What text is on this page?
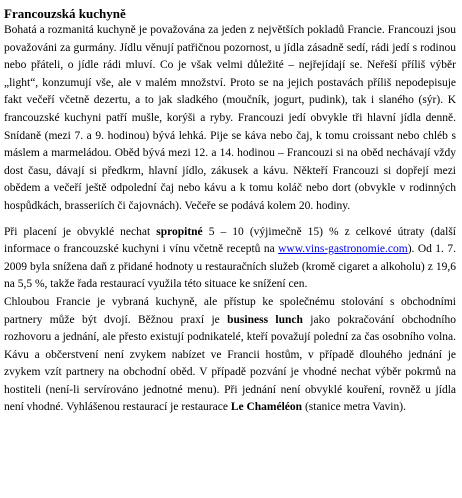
Francouzská kuchyně

Bohatá a rozmanitá kuchyně je považována za jeden z největších pokladů Francie. Francouzi jsou považováni za gurmány. Jídlu věnují patřičnou pozornost, u jídla zásadně sedí, rádi jedí s rodinou nebo přáteli, o jídle rádi mluví. Co je však velmi důležité – nejřejídají se. Neřeší příliš výběr „light“, konzumují vše, ale v malém množství. Proto se na jejich postavách příliš nepodepisuje fakt večeří včetně dezertu, a to jak sladkého (moučník, jogurt, pudink), tak i slaného (sýr). K francouzské kuchyni patří mušle, korýši a ryby. Francouzi jedí obvykle tři hlavní jídla denně. Snídaně (mezi 7. a 9. hodinou) bývá lehká. Pije se káva nebo čaj, k tomu croissant nebo chléb s máslem a marmeládou. Oběd bývá mezi 12. a 14. hodinou – Francouzi si na oběd nechávají vždy dost času, dávají si předkrm, hlavní jídlo, zákusek a kávu. Někteří Francouzi si dopřejí mezi obědem a večeří ještě odpolední čaj nebo kávu a k tomu koláč nebo dort (obvykle v rodinných hospůdkách, brasseriích či čajovnách). Večeře se podává kolem 20. hodiny.

Při placení je obvyklé nechat spropitné 5 – 10 (výjimečně 15) % z celkové útraty (další informace o francouzské kuchyni i vínu včetně receptů na www.vins-gastronomie.com). Od 1. 7. 2009 byla snížena daň z přidané hodnoty u restauračních služeb (kromě cigaret a alkoholu) z 19,6 na 5,5 %, takže řada restaurací využila této situace ke snížení cen.

Chloubou Francie je vybraná kuchyně, ale přístup ke společnému stolování s obchodními partnery může být dvojí. Běžnou praxí je business lunch jako pokračování obchodního rozhovoru a jednání, ale přesto existují podnikatelé, kteří považují polední za čas osobního volna. Kávu a občerstvení není zvykem nabízet ve Francii hostům, v případě dlouhého jednání je zvykem vzít partnery na obchodní oběd. V případě pozvání je vhodné nechat výběr pokrmů na hostiteli (není-li servírováno jednotné menu). Při jednání není obvyklé kouření, rovněž u jídla není vhodné. Vyhlášenou restaurací je restaurace Le Chaméléon (stanice metra Vavin).
